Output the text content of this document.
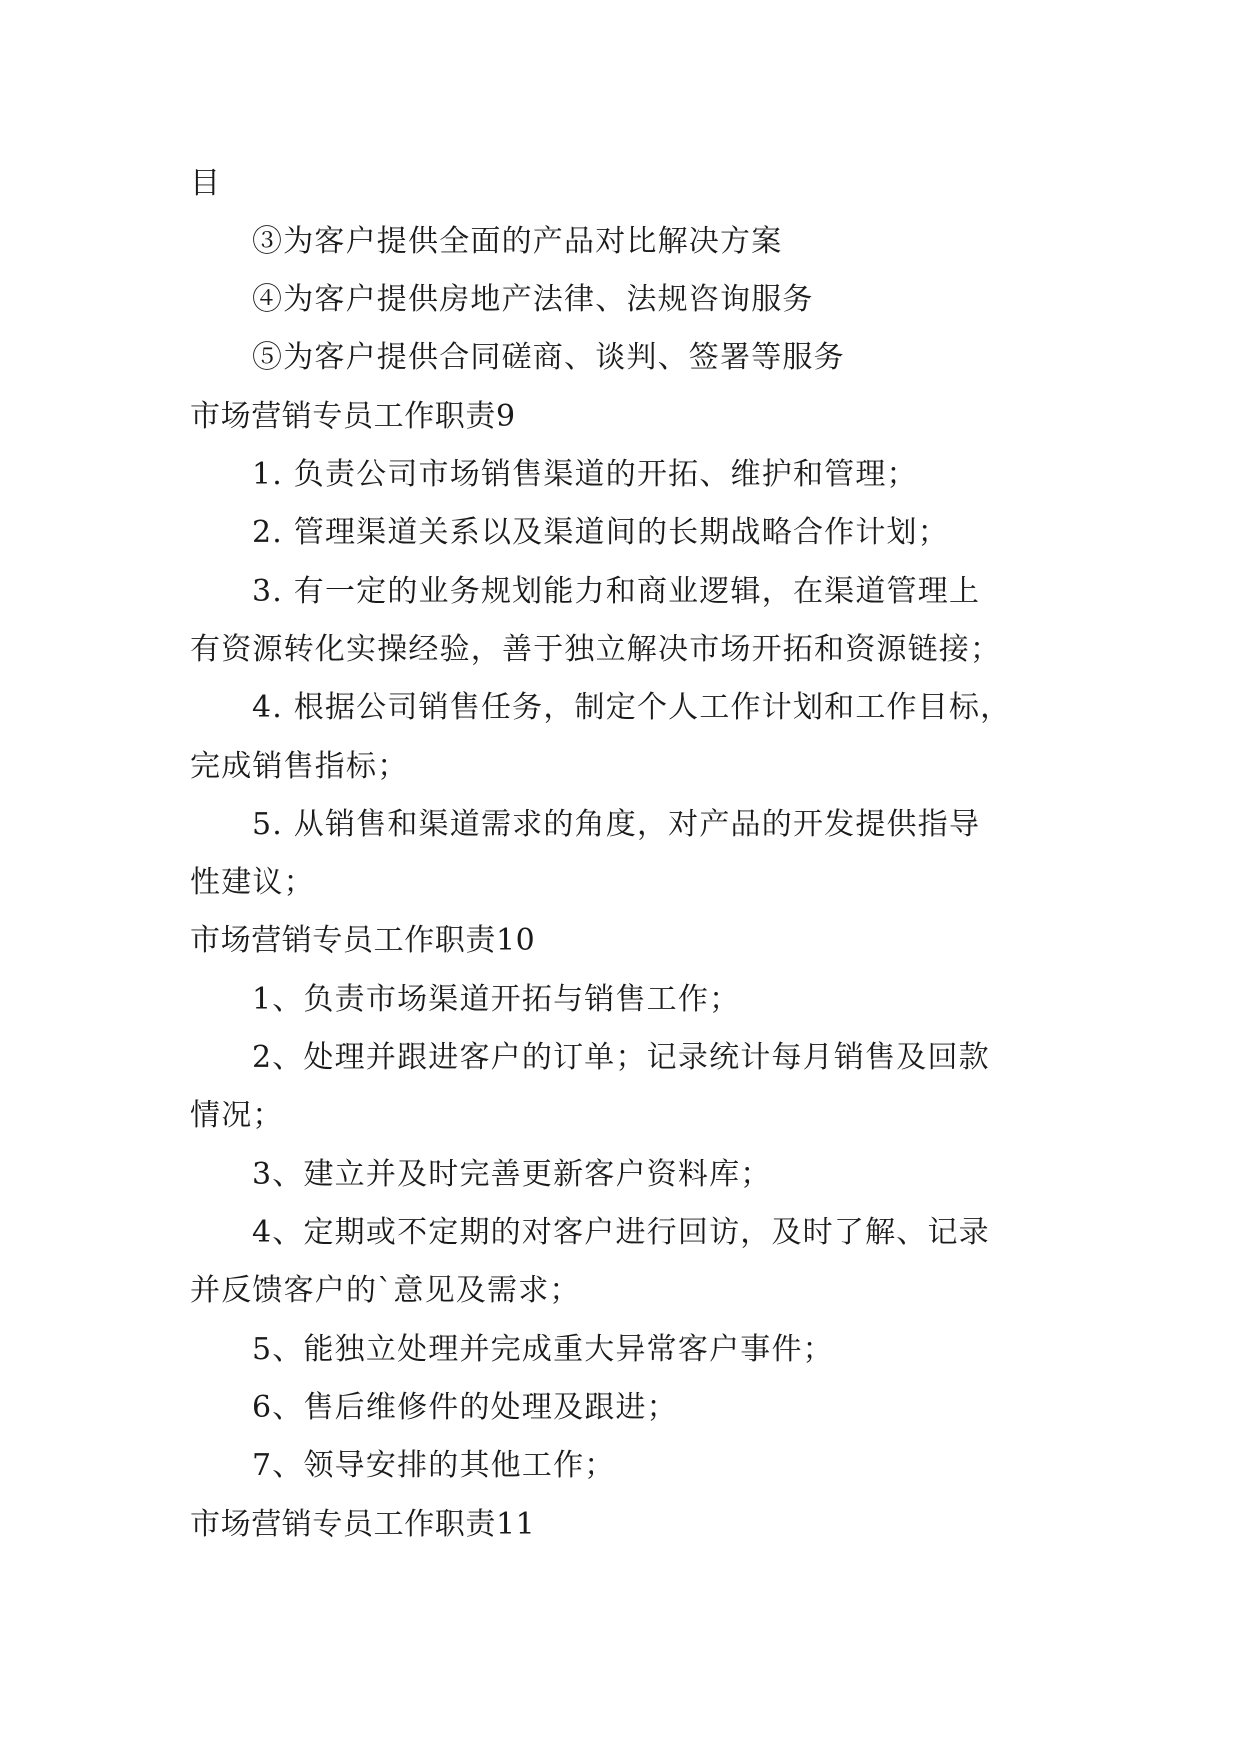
目
③为客户提供全面的产品对比解决方案
④为客户提供房地产法律、法规咨询服务
⑤为客户提供合同磋商、谈判、签署等服务
市场营销专员工作职责9
1. 负责公司市场销售渠道的开拓、维护和管理；
2. 管理渠道关系以及渠道间的长期战略合作计划；
3. 有一定的业务规划能力和商业逻辑，在渠道管理上
有资源转化实操经验，善于独立解决市场开拓和资源链接；
4. 根据公司销售任务，制定个人工作计划和工作目标，
完成销售指标；
5. 从销售和渠道需求的角度，对产品的开发提供指导
性建议；
市场营销专员工作职责10
1、负责市场渠道开拓与销售工作；
2、处理并跟进客户的订单；记录统计每月销售及回款
情况；
3、建立并及时完善更新客户资料库；
4、定期或不定期的对客户进行回访，及时了解、记录
并反馈客户的`意见及需求；
5、能独立处理并完成重大异常客户事件；
6、售后维修件的处理及跟进；
7、领导安排的其他工作；
市场营销专员工作职责11
